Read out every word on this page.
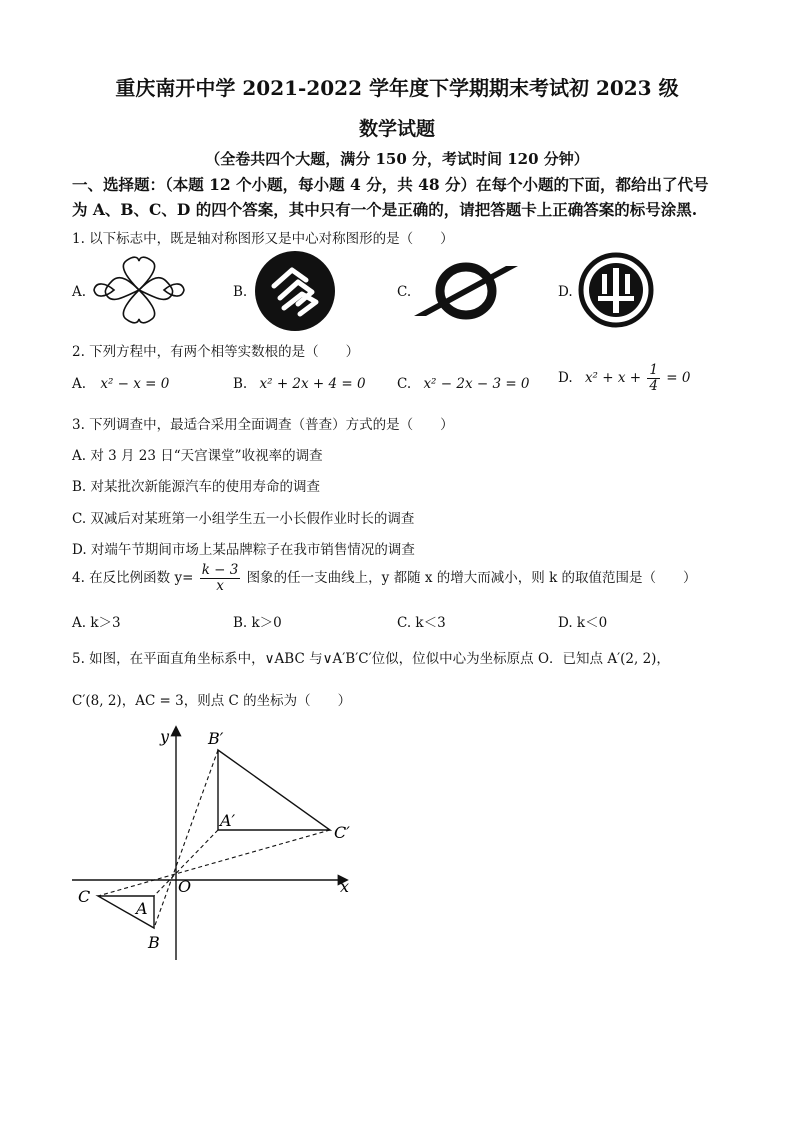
重庆南开中学 2021-2022 学年度下学期期末考试初 2023 级
数学试题
（全卷共四个大题，满分 150 分，考试时间 120 分钟）
一、选择题：（本题 12 个小题，每小题 4 分，共 48 分）在每个小题的下面，都给出了代号
为 A、B、C、D 的四个答案，其中只有一个是正确的，请把答题卡上正确答案的标号涂黑.
1. 以下标志中，既是轴对称图形又是中心对称图形的是（　　）
A.	B.	C.	D.
2. 下列方程中，有两个相等实数根的是（　　）
A. x² − x = 0	B. x² + 2x + 4 = 0 C. x² − 2x − 3 = 0 D. $x^2 + x + \frac{1}{4} = 0$
3. 下列调查中，最适合采用全面调查（普查）方式的是（　　）
A. 对 3 月 23 日“天宫课堂”收视率的调查
B. 对某批次新能源汽车的使用寿命的调查
C. 双减后对某班第一小组学生五一小长假作业时长的调查
D. 对端午节期间市场上某品牌粽子在我市销售情况的调查
4. 在反比例函数 $y= \frac{k - 3}{x}$ 图象的任一支曲线上，y 都随 x 的增大而减小，则 k 的取值范围是（　　）
A. k＞3	B. k＞0	C. k＜3	D. k＜0
5. 如图，在平面直角坐标系中，∨ABC 与∨A′B′C′位似，位似中心为坐标原点 O．已知点 A′(2, 2)，
C′(8, 2)，AC = 3，则点 C 的坐标为（　　）
B′
A′
C′
O	x
y
C
A
B
